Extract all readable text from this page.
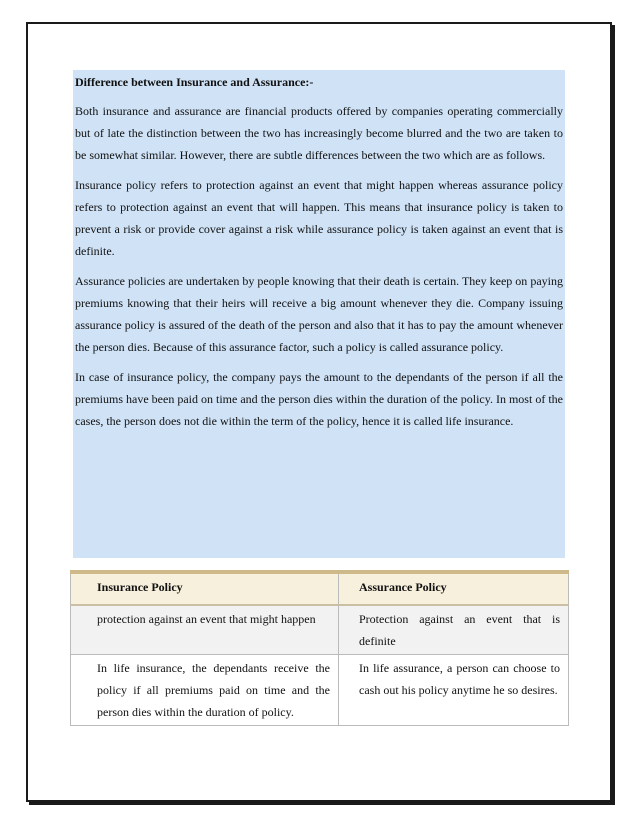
Difference between Insurance and Assurance:-

Both insurance and assurance are financial products offered by companies operating commercially but of late the distinction between the two has increasingly become blurred and the two are taken to be somewhat similar. However, there are subtle differences between the two which are as follows.

Insurance policy refers to protection against an event that might happen whereas assurance policy refers to protection against an event that will happen. This means that insurance policy is taken to prevent a risk or provide cover against a risk while assurance policy is taken against an event that is definite.

Assurance policies are undertaken by people knowing that their death is certain. They keep on paying premiums knowing that their heirs will receive a big amount whenever they die. Company issuing assurance policy is assured of the death of the person and also that it has to pay the amount whenever the person dies. Because of this assurance factor, such a policy is called assurance policy.

In case of insurance policy, the company pays the amount to the dependants of the person if all the premiums have been paid on time and the person dies within the duration of the policy. In most of the cases, the person does not die within the term of the policy, hence it is called life insurance.

Insurance Policy	Assurance Policy
protection against an event that might happen	Protection against an event that is definite
In life insurance, the dependants receive the policy if all premiums paid on time and the person dies within the duration of policy.	In life assurance, a person can choose to cash out his policy anytime he so desires.
